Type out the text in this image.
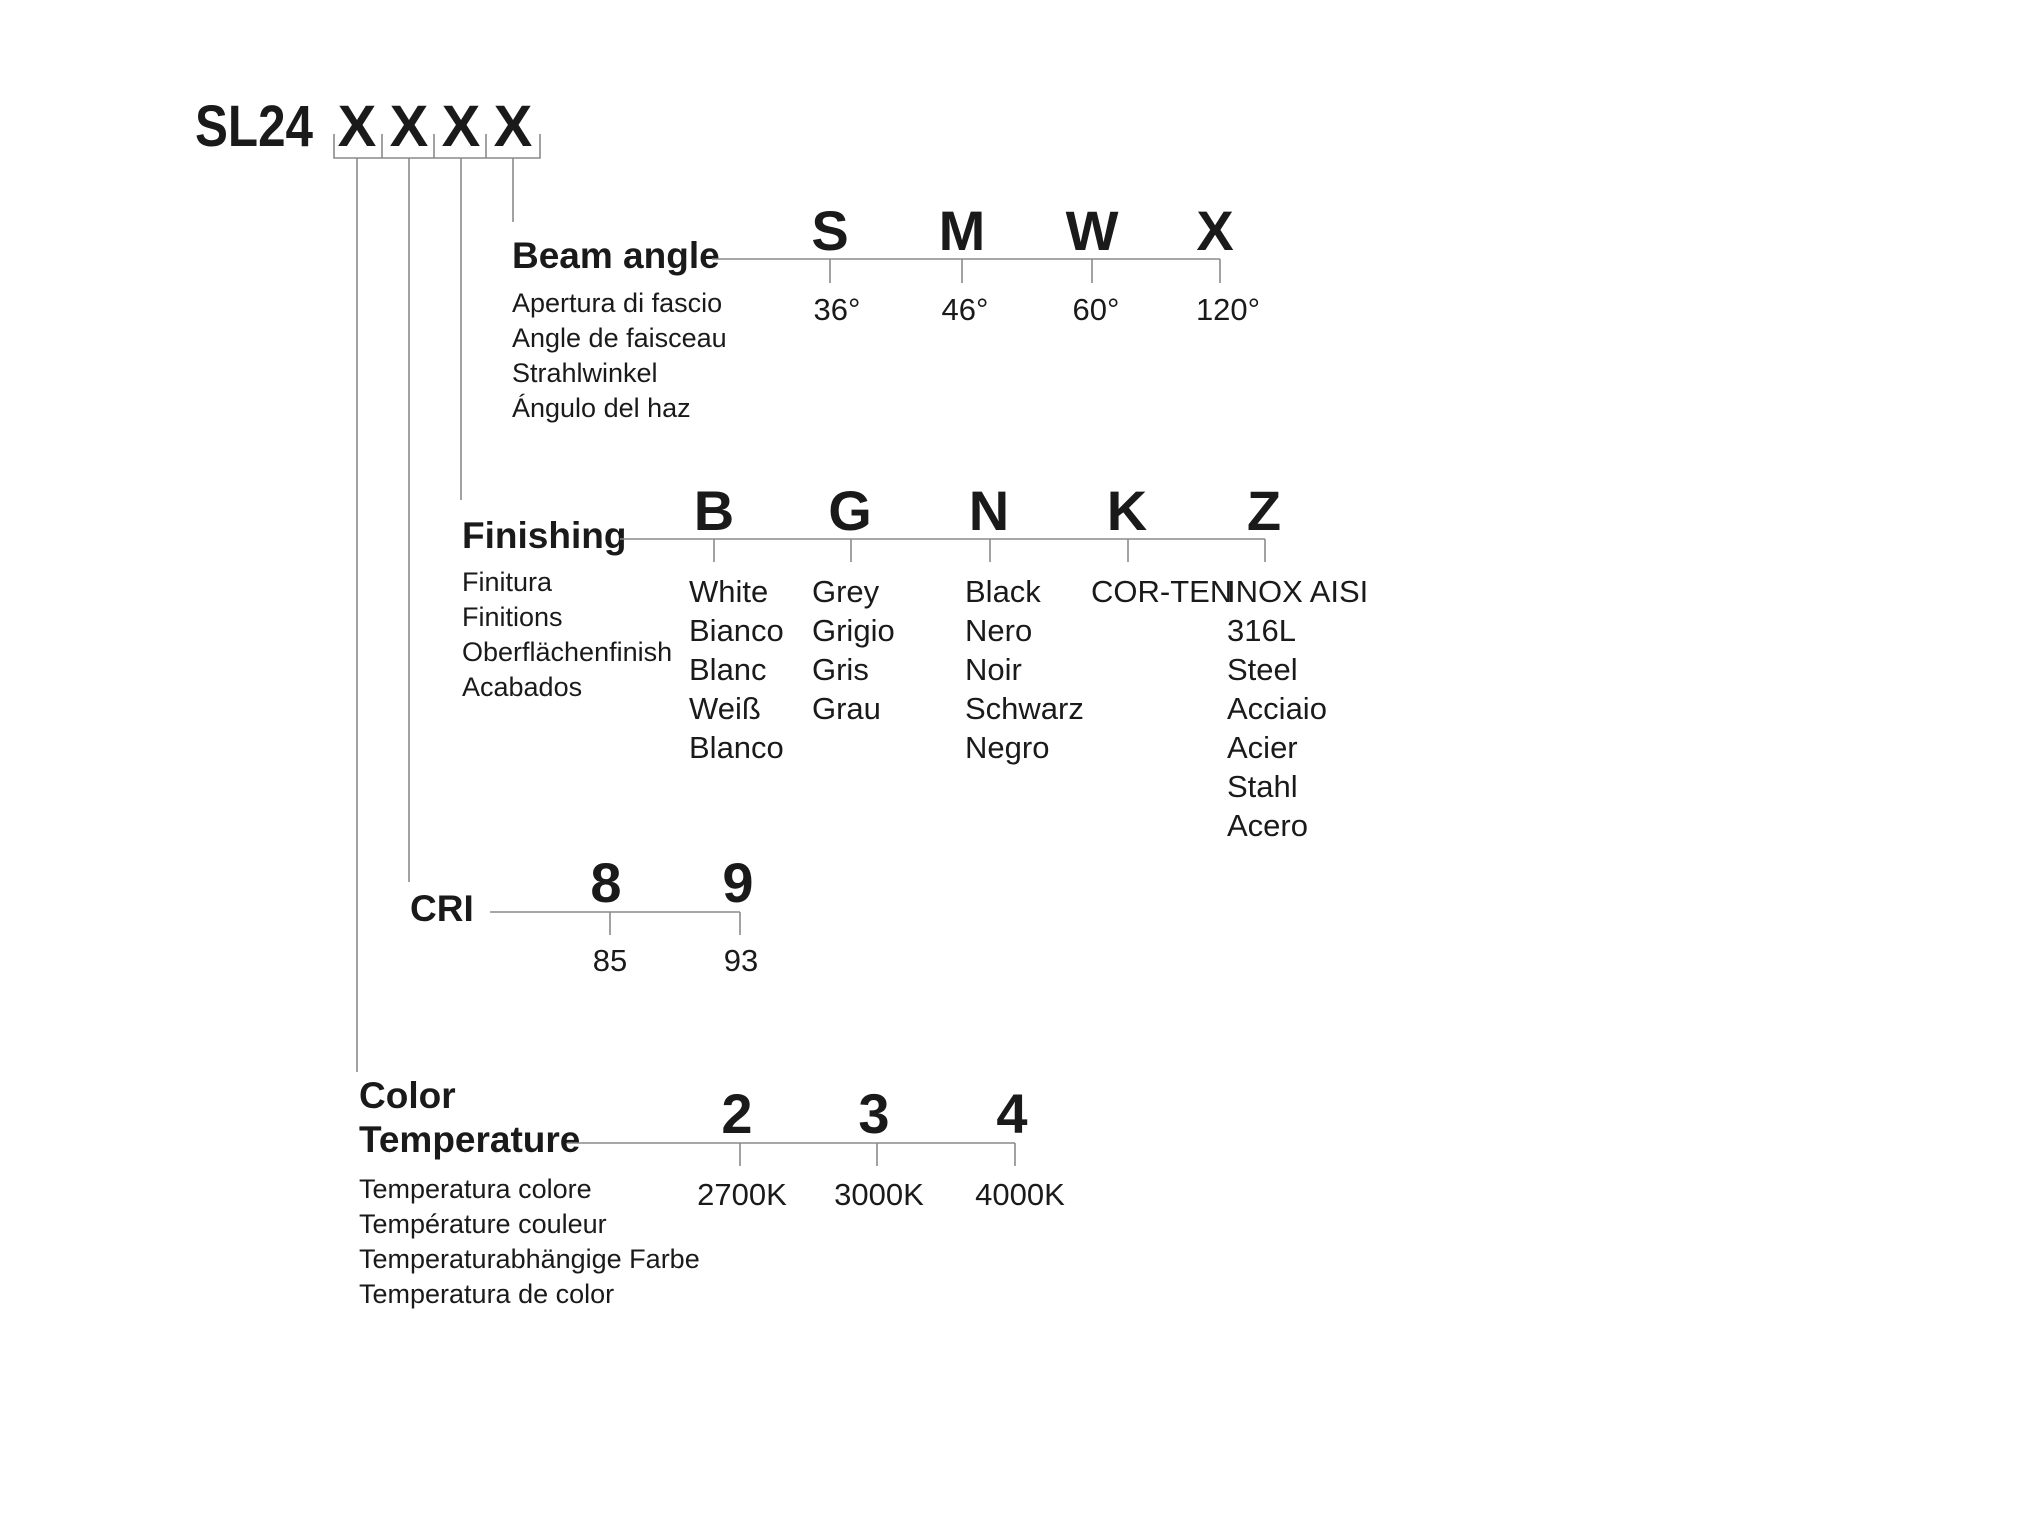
SL24 X X X X
Beam angle
Apertura di fascio
Angle de faisceau
Strahlwinkel
Ángulo del haz
S
36°
M
46°
W
60°
X
120°
Finishing
Finitura
Finitions
Oberflächenfinish
Acabados
B
White
Bianco
Blanc
Weiß
Blanco
G
Grey
Grigio
Gris
Grau
N
Black
Nero
Noir
Schwarz
Negro
K
COR-TEN
Z
INOX AISI
316L
Steel
Acciaio
Acier
Stahl
Acero
CRI 8
85
9
93
Color
Temperature
Temperatura colore
Température couleur
Temperaturabhängige Farbe
Temperatura de color
2
2700K
3
3000K
4
4000K
